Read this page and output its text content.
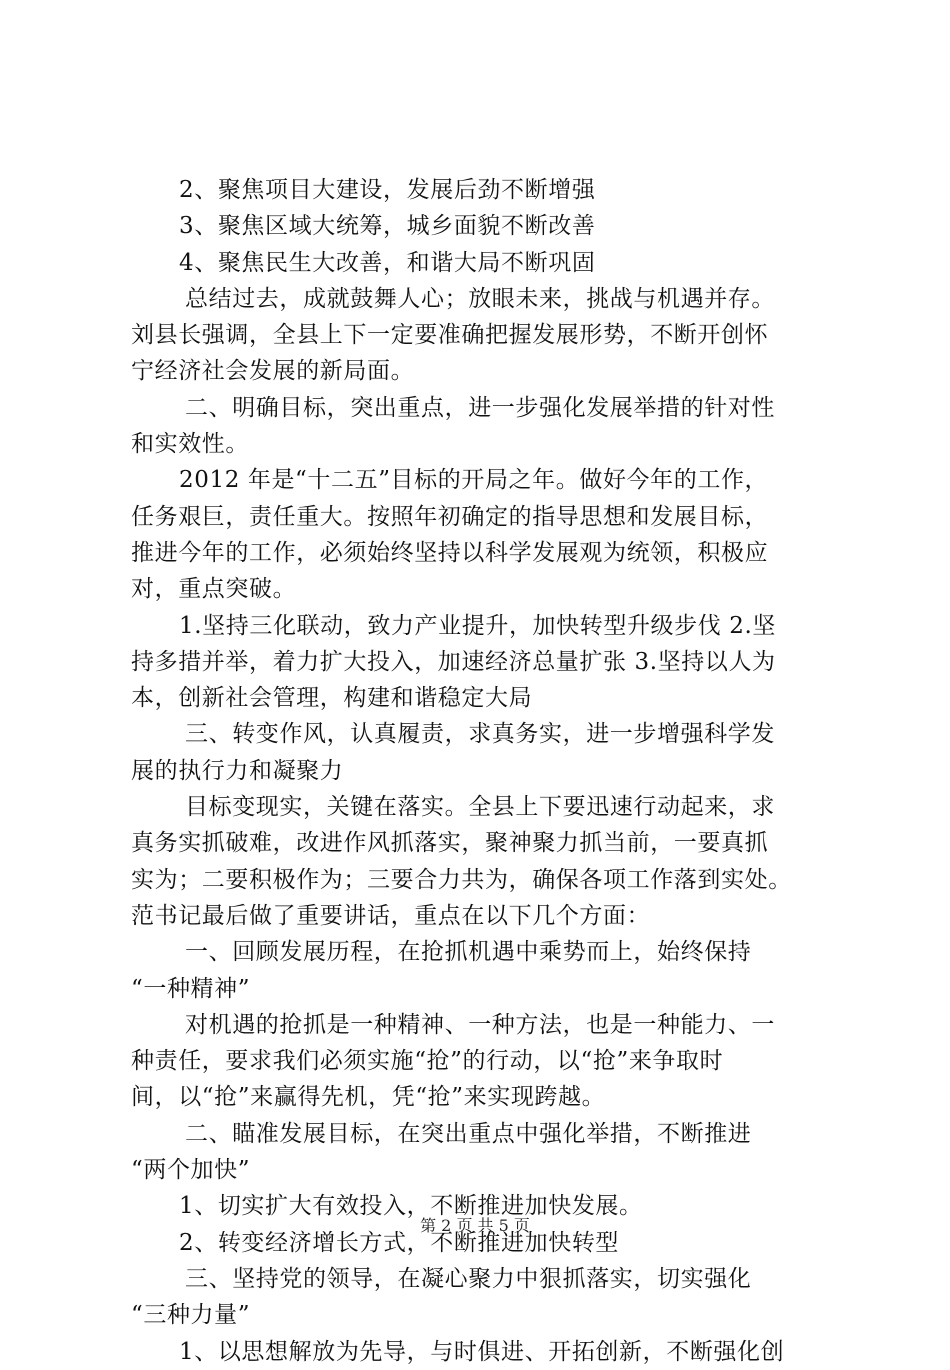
2、聚焦项目大建设，发展后劲不断增强
3、聚焦区域大统筹，城乡面貌不断改善
4、聚焦民生大改善，和谐大局不断巩固
总结过去，成就鼓舞人心；放眼未来，挑战与机遇并存。
刘县长强调，全县上下一定要准确把握发展形势，不断开创怀
宁经济社会发展的新局面。
二、明确目标，突出重点，进一步强化发展举措的针对性
和实效性。
2012 年是“十二五”目标的开局之年。做好今年的工作，
任务艰巨，责任重大。按照年初确定的指导思想和发展目标，
推进今年的工作，必须始终坚持以科学发展观为统领，积极应
对，重点突破。
1.坚持三化联动，致力产业提升，加快转型升级步伐 2.坚
持多措并举，着力扩大投入，加速经济总量扩张 3.坚持以人为
本，创新社会管理，构建和谐稳定大局
三、转变作风，认真履责，求真务实，进一步增强科学发
展的执行力和凝聚力
目标变现实，关键在落实。全县上下要迅速行动起来，求
真务实抓破难，改进作风抓落实，聚神聚力抓当前，一要真抓
实为；二要积极作为；三要合力共为，确保各项工作落到实处。
范书记最后做了重要讲话，重点在以下几个方面：
一、回顾发展历程，在抢抓机遇中乘势而上，始终保持
“一种精神”
对机遇的抢抓是一种精神、一种方法，也是一种能力、一
种责任，要求我们必须实施“抢”的行动，以“抢”来争取时
间，以“抢”来赢得先机，凭“抢”来实现跨越。
二、瞄准发展目标，在突出重点中强化举措，不断推进
“两个加快”
1、切实扩大有效投入，不断推进加快发展。
2、转变经济增长方式，不断推进加快转型
三、坚持党的领导，在凝心聚力中狠抓落实，切实强化
“三种力量”
1、以思想解放为先导，与时俱进、开拓创新，不断强化创
第 2 页 共 5 页
